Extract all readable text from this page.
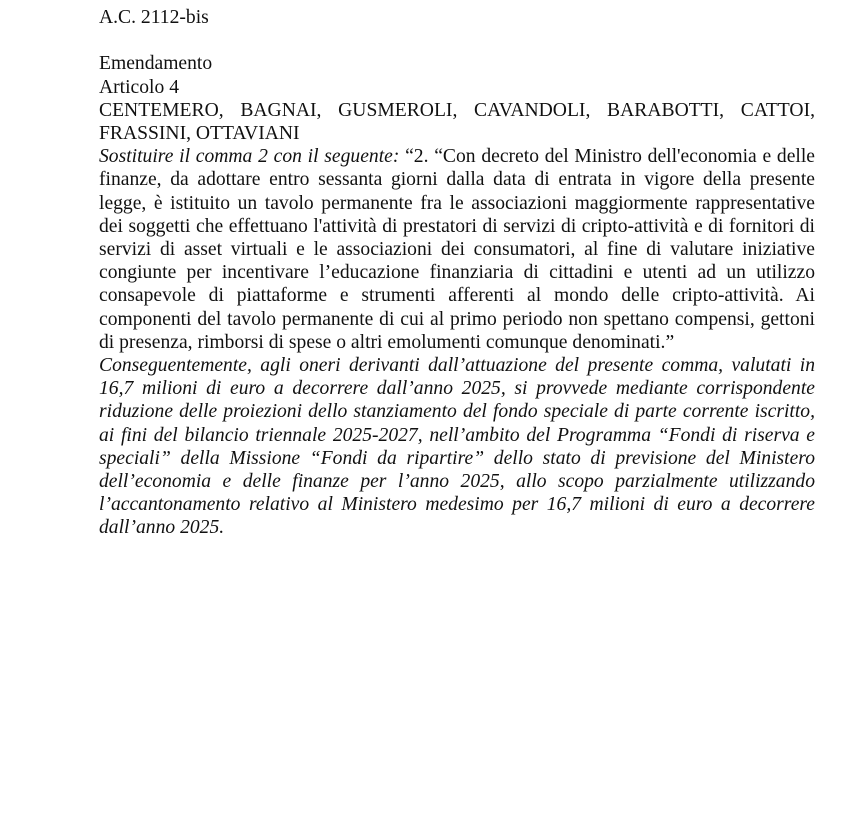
A.C. 2112-bis

Emendamento

Articolo 4

CENTEMERO, BAGNAI, GUSMEROLI, CAVANDOLI, BARABOTTI, CATTOI, FRASSINI, OTTAVIANI

Sostituire il comma 2 con il seguente: “2. “Con decreto del Ministro dell'economia e delle finanze, da adottare entro sessanta giorni dalla data di entrata in vigore della presente legge, è istituito un tavolo permanente fra le associazioni maggiormente rappresentative dei soggetti che effettuano l'attività di prestatori di servizi di cripto-attività e di fornitori di servizi di asset virtuali e le associazioni dei consumatori, al fine di valutare iniziative congiunte per incentivare l’educazione finanziaria di cittadini e utenti ad un utilizzo consapevole di piattaforme e strumenti afferenti al mondo delle cripto-attività. Ai componenti del tavolo permanente di cui al primo periodo non spettano compensi, gettoni di presenza, rimborsi di spese o altri emolumenti comunque denominati.”

Conseguentemente, agli oneri derivanti dall’attuazione del presente comma, valutati in 16,7 milioni di euro a decorrere dall’anno 2025, si provvede mediante corrispondente riduzione delle proiezioni dello stanziamento del fondo speciale di parte corrente iscritto, ai fini del bilancio triennale 2025-2027, nell’ambito del Programma “Fondi di riserva e speciali” della Missione “Fondi da ripartire” dello stato di previsione del Ministero dell’economia e delle finanze per l’anno 2025, allo scopo parzialmente utilizzando l’accantonamento relativo al Ministero medesimo per 16,7 milioni di euro a decorrere dall’anno 2025.
